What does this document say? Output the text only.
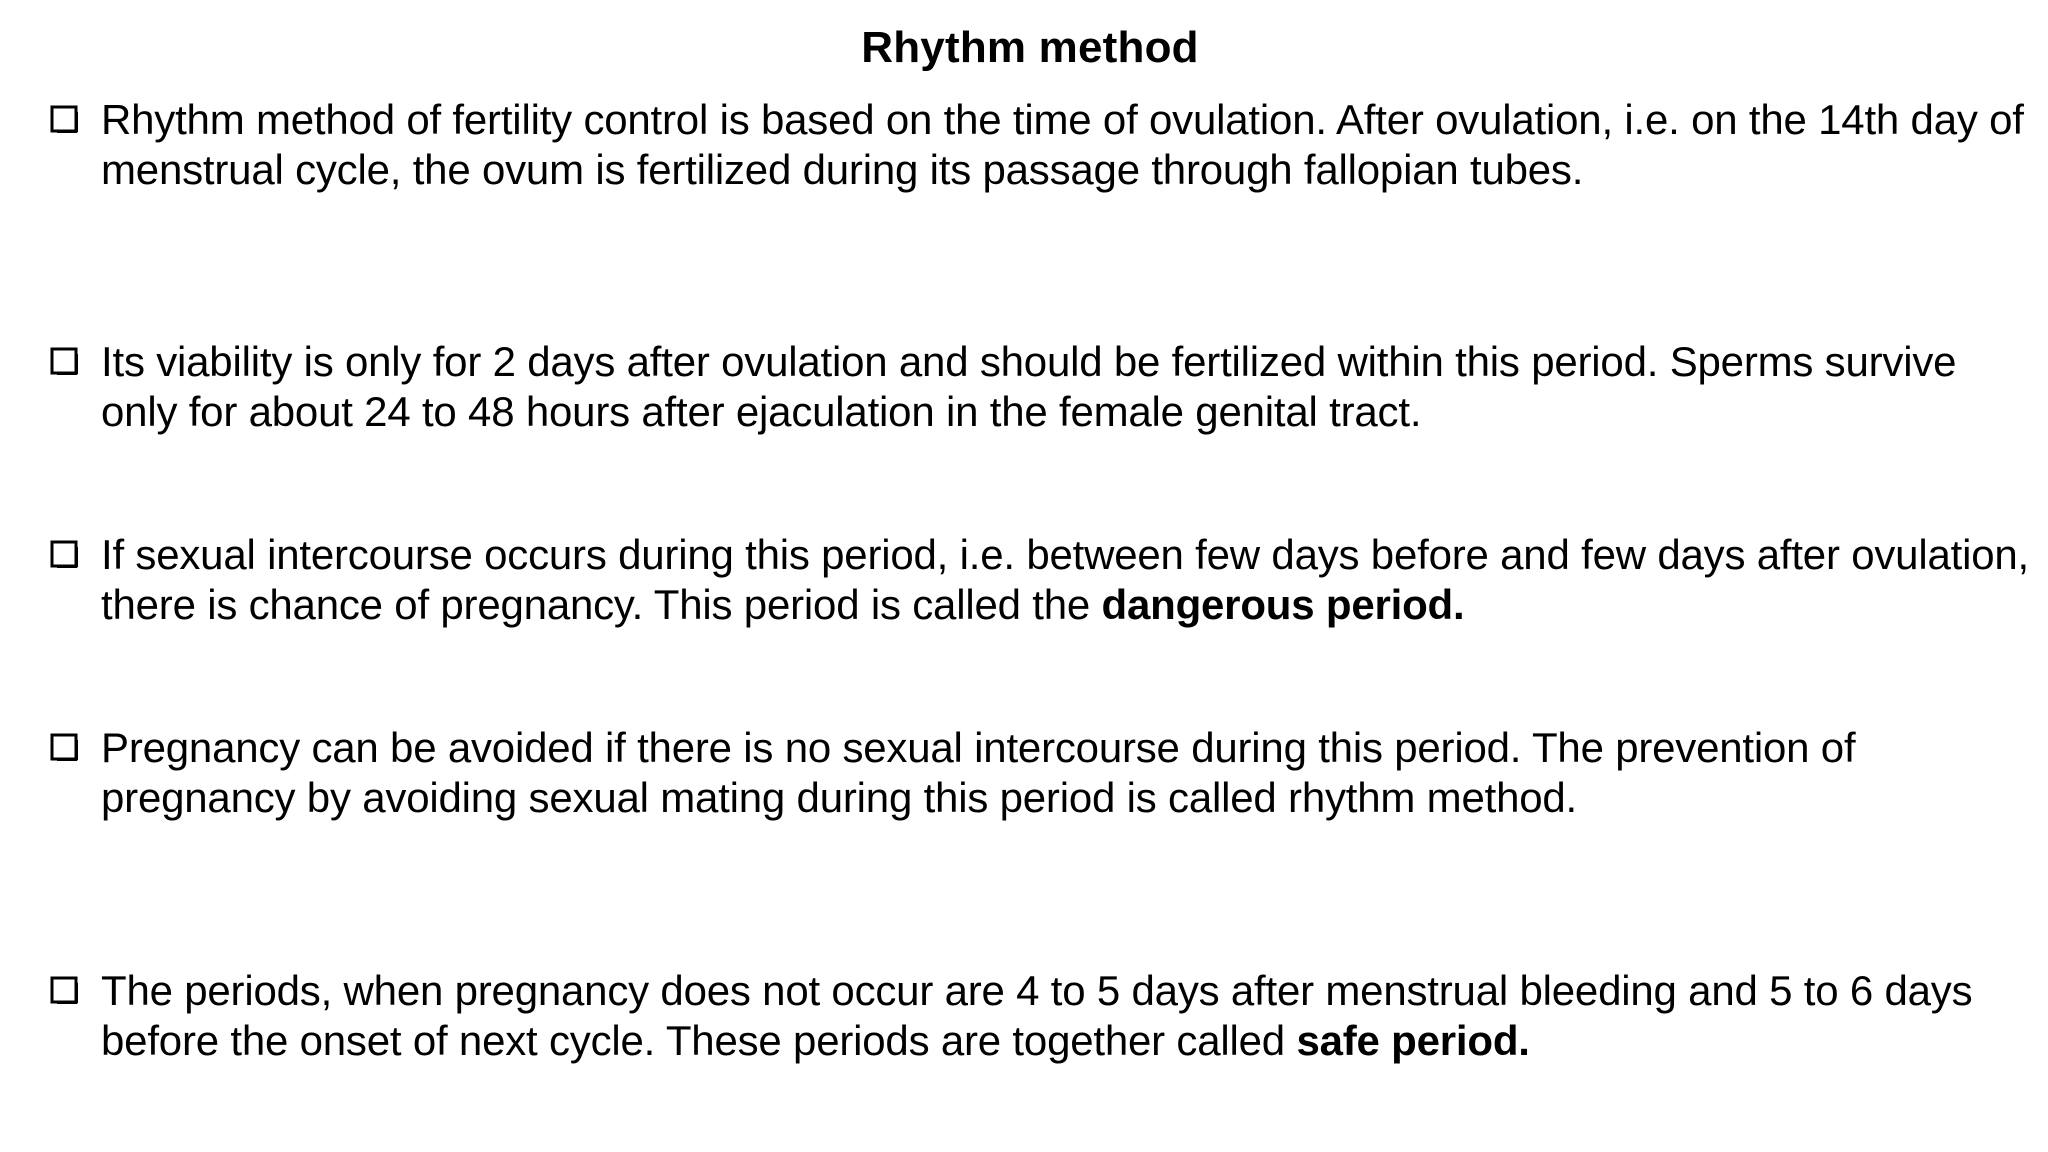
Rhythm method
Rhythm method of fertility control is based on the time of ovulation. After ovulation, i.e. on the 14th day of menstrual cycle, the ovum is fertilized during its passage through fallopian tubes.
Its viability is only for 2 days after ovulation and should be fertilized within this period. Sperms survive only for about 24 to 48 hours after ejaculation in the female genital tract.
If sexual intercourse occurs during this period, i.e. between few days before and few days after ovulation, there is chance of pregnancy. This period is called the dangerous period.
Pregnancy can be avoided if there is no sexual intercourse during this period. The prevention of pregnancy by avoiding sexual mating during this period is called rhythm method.
The periods, when pregnancy does not occur are 4 to 5 days after menstrual bleeding and 5 to 6 days before the onset of next cycle. These periods are together called safe period.
